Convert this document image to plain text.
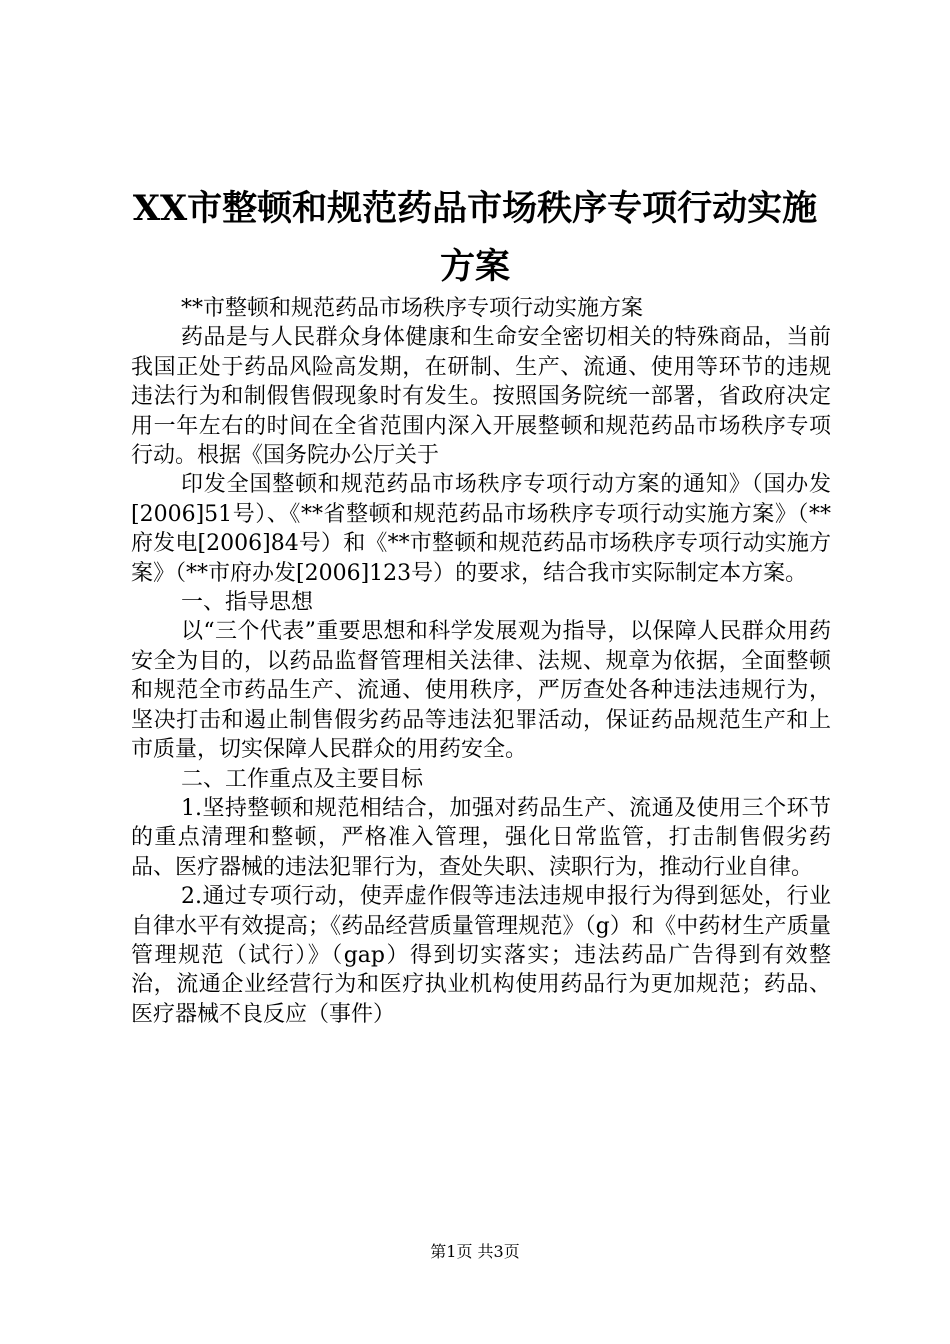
XX市整顿和规范药品市场秩序专项行动实施
方案

**市整顿和规范药品市场秩序专项行动实施方案

药品是与人民群众身体健康和生命安全密切相关的特殊商品，当前我国正处于药品风险高发期，在研制、生产、流通、使用等环节的违规违法行为和制假售假现象时有发生。按照国务院统一部署，省政府决定用一年左右的时间在全省范围内深入开展整顿和规范药品市场秩序专项行动。根据《国务院办公厅关于

印发全国整顿和规范药品市场秩序专项行动方案的通知》（国办发[2006]51号）、《**省整顿和规范药品市场秩序专项行动实施方案》（**府发电[2006]84号）和《**市整顿和规范药品市场秩序专项行动实施方案》（**市府办发[2006]123号）的要求，结合我市实际制定本方案。

一、指导思想

以“三个代表”重要思想和科学发展观为指导，以保障人民群众用药安全为目的，以药品监督管理相关法律、法规、规章为依据，全面整顿和规范全市药品生产、流通、使用秩序，严厉查处各种违法违规行为，坚决打击和遏止制售假劣药品等违法犯罪活动，保证药品规范生产和上市质量，切实保障人民群众的用药安全。

二、工作重点及主要目标

1.坚持整顿和规范相结合，加强对药品生产、流通及使用三个环节的重点清理和整顿，严格准入管理，强化日常监管，打击制售假劣药品、医疗器械的违法犯罪行为，查处失职、渎职行为，推动行业自律。

2.通过专项行动，使弄虚作假等违法违规申报行为得到惩处，行业自律水平有效提高；《药品经营质量管理规范》（g）和《中药材生产质量管理规范（试行）》（gap）得到切实落实；违法药品广告得到有效整治，流通企业经营行为和医疗执业机构使用药品行为更加规范；药品、医疗器械不良反应（事件）

第1页 共3页
